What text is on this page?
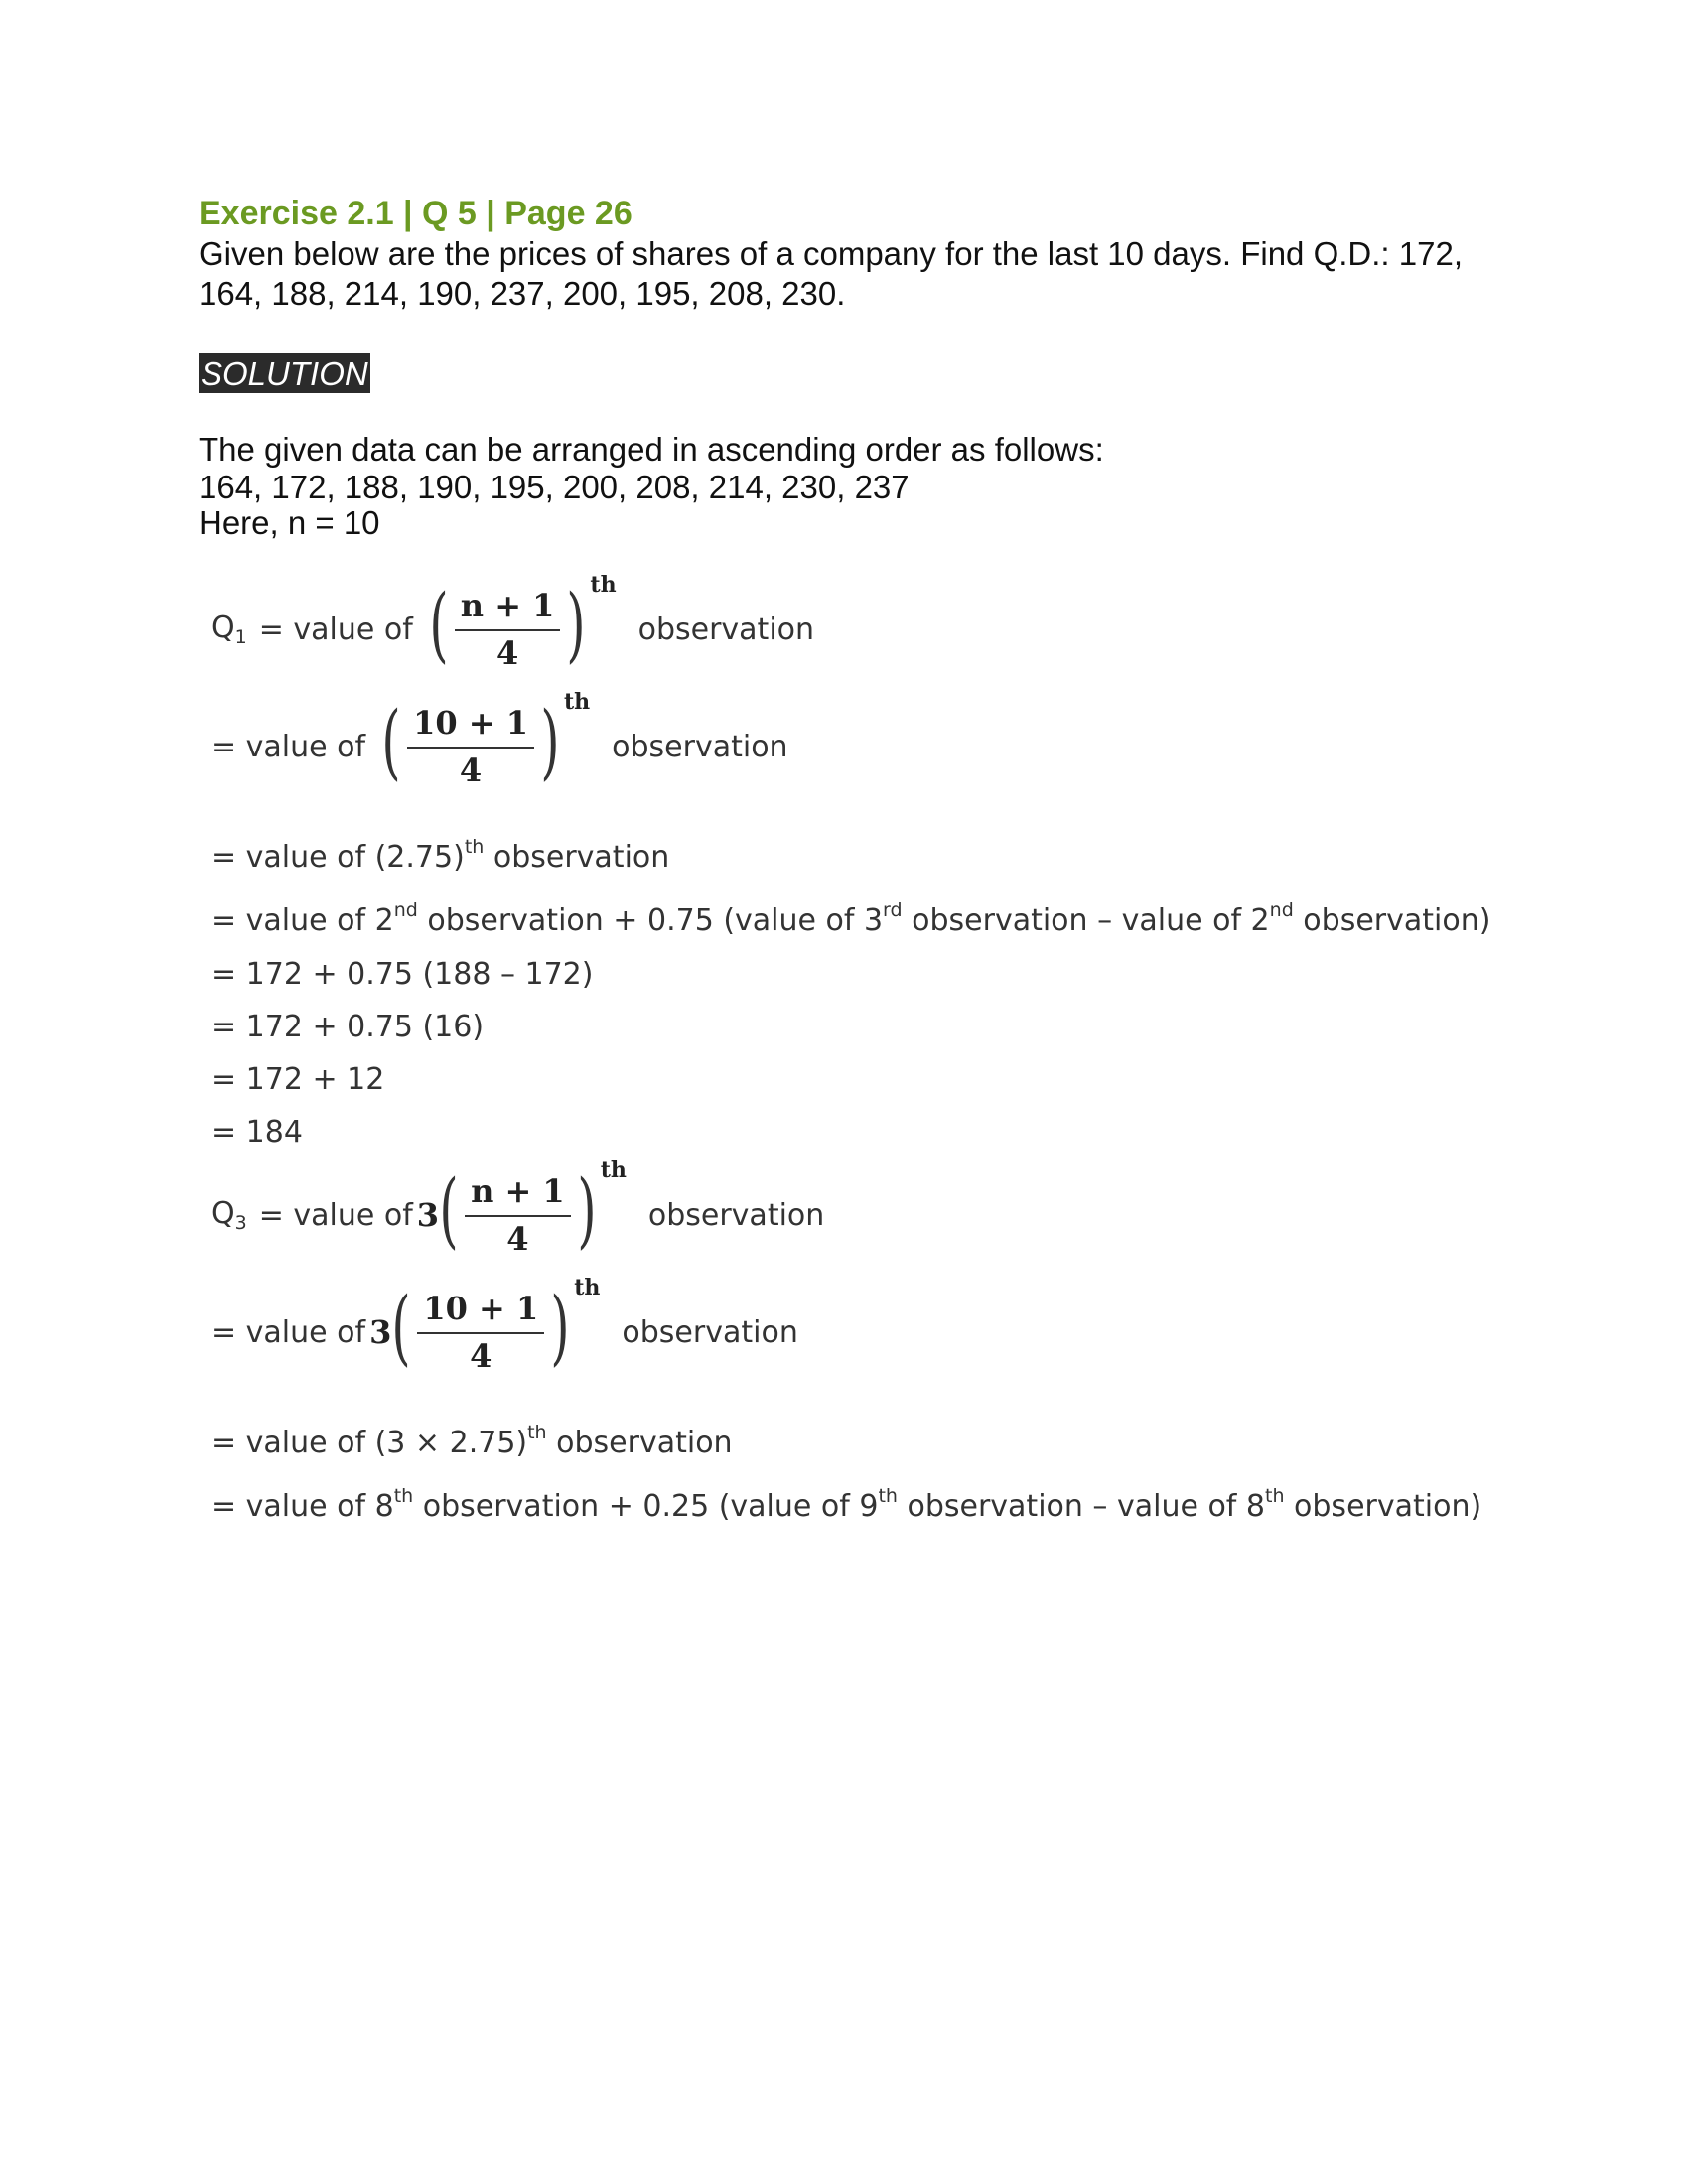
Exercise 2.1 | Q 5 | Page 26
Given below are the prices of shares of a company for the last 10 days. Find Q.D.: 172, 164, 188, 214, 190, 237, 200, 195, 208, 230.
SOLUTION
The given data can be arranged in ascending order as follows:
164, 172, 188, 190, 195, 200, 208, 214, 230, 237
Here, n = 10
$Q_1$ = value of ( $\frac{n + 1}{4}$ ) th
observation
= value of ( $\frac{10 + 1}{4}$ ) th
observation
= value of $(2.75)^{th}$ observation
= value of 2nd observation + 0.75 (value of 3rd observation – value of 2nd observation)
= 172 + 0.75 (188 – 172)
= 172 + 0.75 (16)
= 172 + 12
= 184
$Q_3$ = value of 3 ( $\frac{n + 1}{4}$ ) th
observation
= value of 3 ( $\frac{10 + 1}{4}$ ) th
observation
= value of $(3 \times 2.75)^{th}$ observation
= value of 8th observation + 0.25 (value of 9th observation – value of 8th observation)
